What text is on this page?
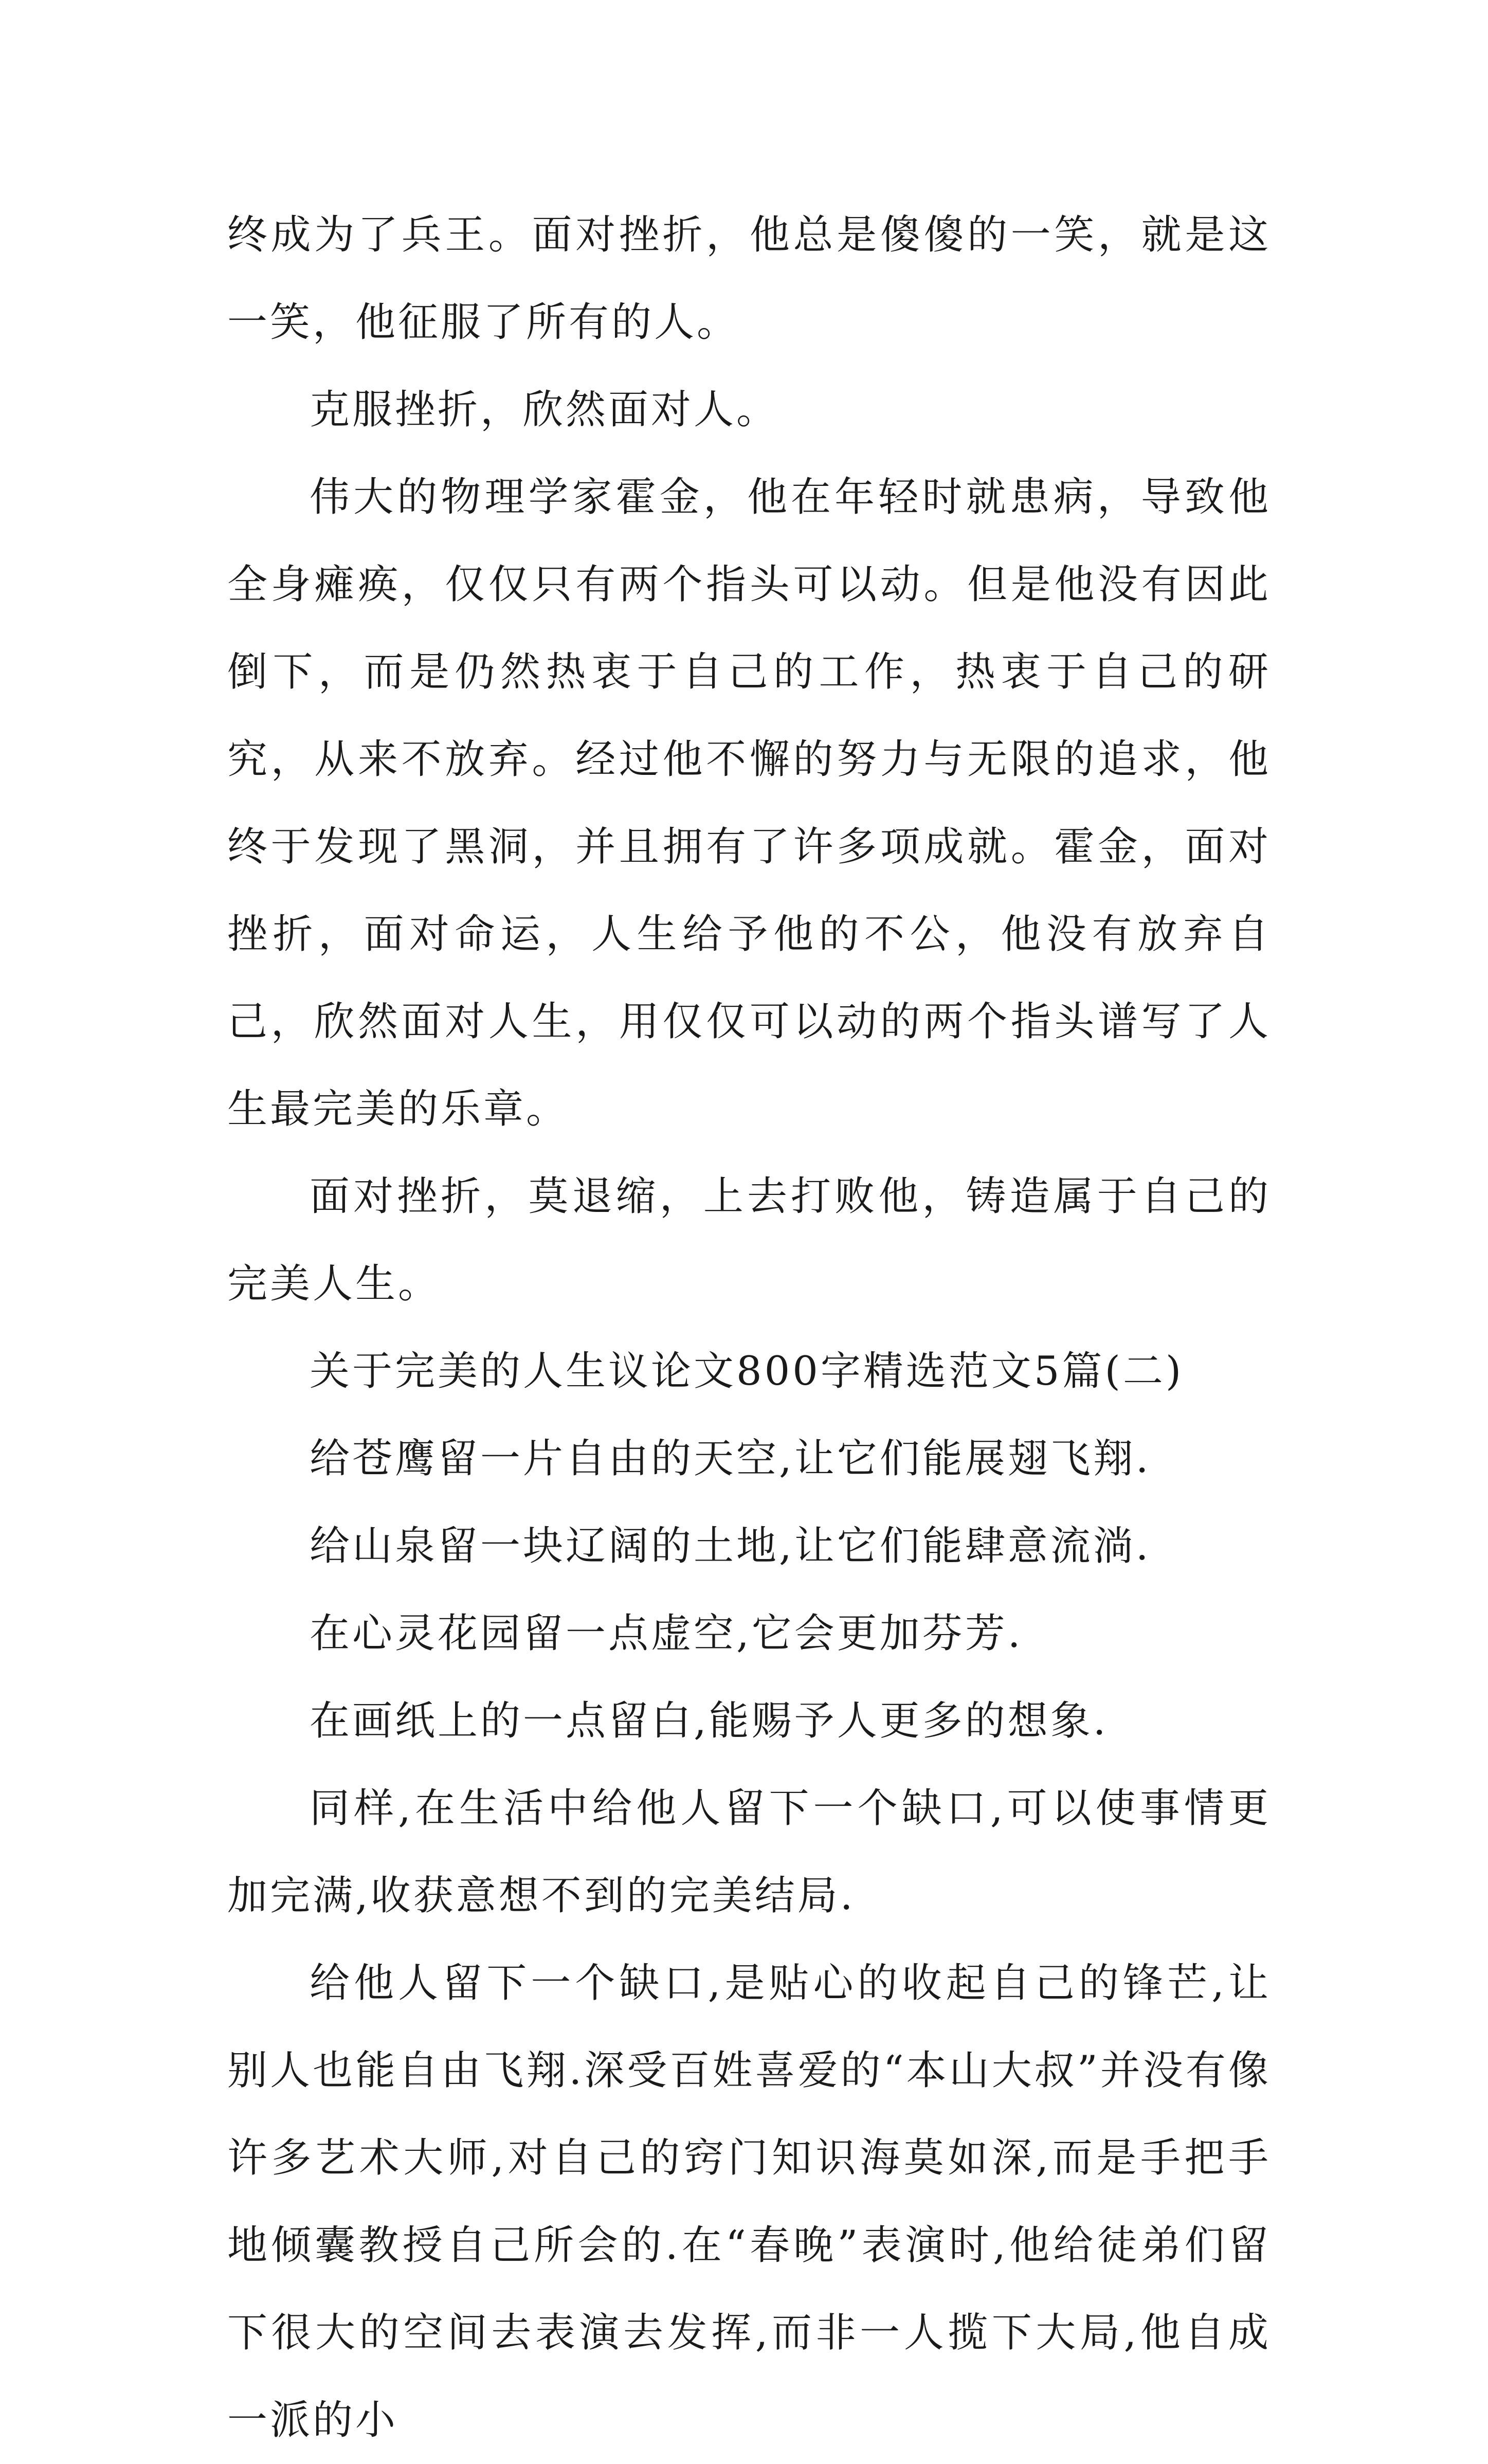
终成为了兵王。面对挫折，他总是傻傻的一笑，就是这一笑，他征服了所有的人。

克服挫折，欣然面对人。

伟大的物理学家霍金，他在年轻时就患病，导致他全身瘫痪，仅仅只有两个指头可以动。但是他没有因此倒下，而是仍然热衷于自己的工作，热衷于自己的研究，从来不放弃。经过他不懈的努力与无限的追求，他终于发现了黑洞，并且拥有了许多项成就。霍金，面对挫折，面对命运，人生给予他的不公，他没有放弃自己，欣然面对人生，用仅仅可以动的两个指头谱写了人生最完美的乐章。

面对挫折，莫退缩，上去打败他，铸造属于自己的完美人生。

关于完美的人生议论文800字精选范文5篇(二)

给苍鹰留一片自由的天空,让它们能展翅飞翔.

给山泉留一块辽阔的土地,让它们能肆意流淌.

在心灵花园留一点虚空,它会更加芬芳.

在画纸上的一点留白,能赐予人更多的想象.

同样,在生活中给他人留下一个缺口,可以使事情更加完满,收获意想不到的完美结局.

给他人留下一个缺口,是贴心的收起自己的锋芒,让别人也能自由飞翔.深受百姓喜爱的“本山大叔”并没有像许多艺术大师,对自己的窍门知识海莫如深,而是手把手地倾囊教授自己所会的.在“春晚”表演时,他给徒弟们留下很大的空间去表演去发挥,而非一人揽下大局,他自成一派的小
